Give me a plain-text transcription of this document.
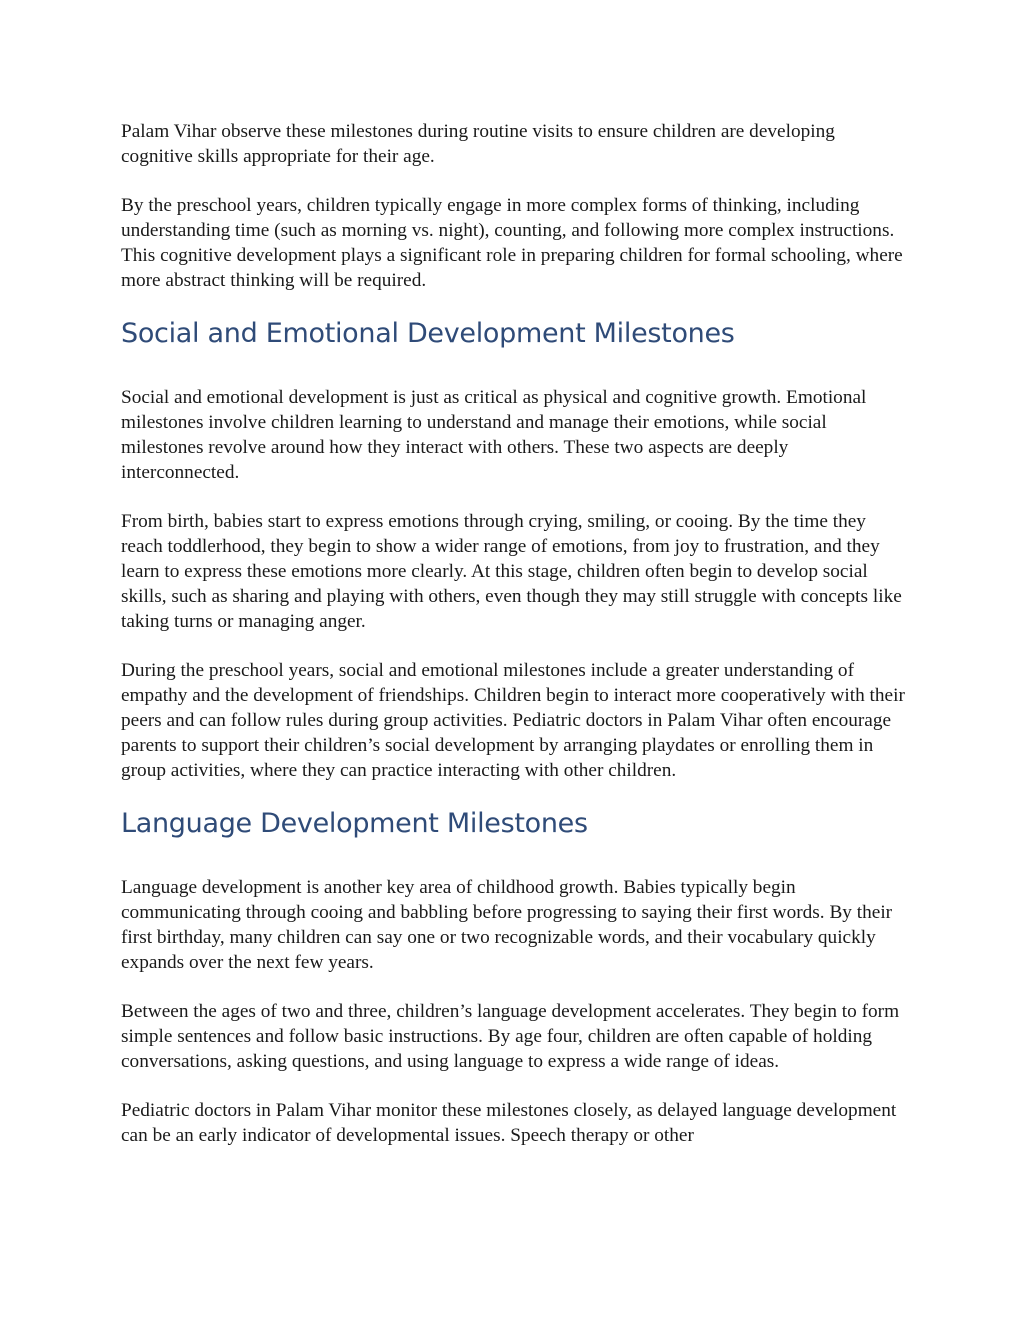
Palam Vihar observe these milestones during routine visits to ensure children are developing cognitive skills appropriate for their age.

By the preschool years, children typically engage in more complex forms of thinking, including understanding time (such as morning vs. night), counting, and following more complex instructions. This cognitive development plays a significant role in preparing children for formal schooling, where more abstract thinking will be required.

Social and Emotional Development Milestones

Social and emotional development is just as critical as physical and cognitive growth. Emotional milestones involve children learning to understand and manage their emotions, while social milestones revolve around how they interact with others. These two aspects are deeply interconnected.

From birth, babies start to express emotions through crying, smiling, or cooing. By the time they reach toddlerhood, they begin to show a wider range of emotions, from joy to frustration, and they learn to express these emotions more clearly. At this stage, children often begin to develop social skills, such as sharing and playing with others, even though they may still struggle with concepts like taking turns or managing anger.

During the preschool years, social and emotional milestones include a greater understanding of empathy and the development of friendships. Children begin to interact more cooperatively with their peers and can follow rules during group activities. Pediatric doctors in Palam Vihar often encourage parents to support their children’s social development by arranging playdates or enrolling them in group activities, where they can practice interacting with other children.

Language Development Milestones

Language development is another key area of childhood growth. Babies typically begin communicating through cooing and babbling before progressing to saying their first words. By their first birthday, many children can say one or two recognizable words, and their vocabulary quickly expands over the next few years.

Between the ages of two and three, children’s language development accelerates. They begin to form simple sentences and follow basic instructions. By age four, children are often capable of holding conversations, asking questions, and using language to express a wide range of ideas.

Pediatric doctors in Palam Vihar monitor these milestones closely, as delayed language development can be an early indicator of developmental issues. Speech therapy or other
